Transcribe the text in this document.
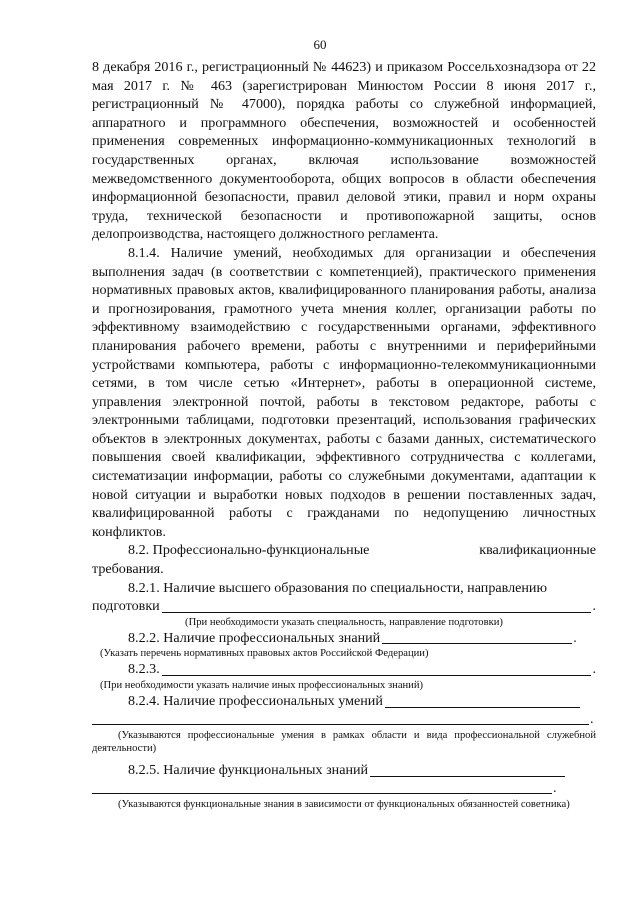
60

8 декабря 2016 г., регистрационный № 44623) и приказом Россельхознадзора от 22 мая 2017 г. № 463 (зарегистрирован Минюстом России 8 июня 2017 г., регистрационный № 47000), порядка работы со служебной информацией, аппаратного и программного обеспечения, возможностей и особенностей применения современных информационно-коммуникационных технологий в государственных органах, включая использование возможностей межведомственного документооборота, общих вопросов в области обеспечения информационной безопасности, правил деловой этики, правил и норм охраны труда, технической безопасности и противопожарной защиты, основ делопроизводства, настоящего должностного регламента.

8.1.4. Наличие умений, необходимых для организации и обеспечения выполнения задач (в соответствии с компетенцией), практического применения нормативных правовых актов, квалифицированного планирования работы, анализа и прогнозирования, грамотного учета мнения коллег, организации работы по эффективному взаимодействию с государственными органами, эффективного планирования рабочего времени, работы с внутренними и периферийными устройствами компьютера, работы с информационно-телекоммуникационными сетями, в том числе сетью «Интернет», работы в операционной системе, управления электронной почтой, работы в текстовом редакторе, работы с электронными таблицами, подготовки презентаций, использования графических объектов в электронных документах, работы с базами данных, систематического повышения своей квалификации, эффективного сотрудничества с коллегами, систематизации информации, работы со служебными документами, адаптации к новой ситуации и выработки новых подходов в решении поставленных задач, квалифицированной работы с гражданами по недопущению личностных конфликтов.

8.2. Профессионально-функциональные	квалификационные
требования.

8.2.1. Наличие высшего образования по специальности, направлению

подготовки	.

(При необходимости указать специальность, направление подготовки)

8.2.2. Наличие профессиональных знаний	.

(Указать перечень нормативных правовых актов Российской Федерации)

8.2.3.	.

(При необходимости указать наличие иных профессиональных знаний)

8.2.4. Наличие профессиональных умений
.

(Указываются профессиональные умения в рамках области и вида профессиональной служебной деятельности)

8.2.5. Наличие функциональных знаний
.

(Указываются функциональные знания в зависимости от функциональных обязанностей советника)
